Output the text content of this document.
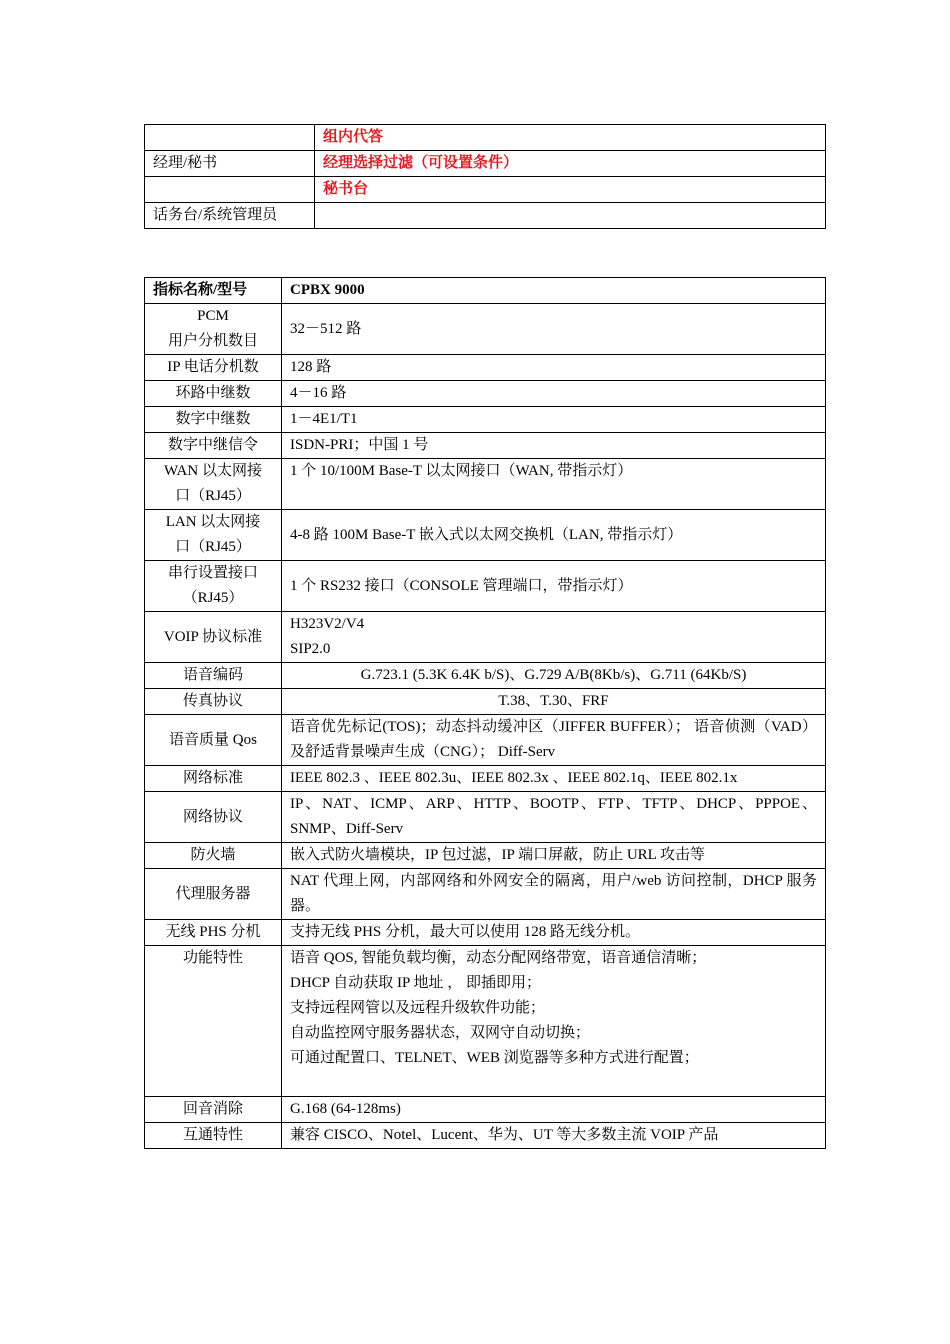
	组内代答
经理/秘书	经理选择过滤（可设置条件）
	秘书台
话务台/系统管理员	
指标名称/型号	CPBX 9000

PCM
用户分机数目	32－512 路

IP 电话分机数	128 路

环路中继数	4－16 路

数字中继数	1－4E1/T1

数字中继信令	ISDN-PRI；中国 1 号

WAN 以太网接
口（RJ45）	1 个 10/100M Base-T 以太网接口（WAN, 带指示灯）

LAN 以太网接
口（RJ45）	4-8 路 100M Base-T 嵌入式以太网交换机（LAN, 带指示灯）

串行设置接口
（RJ45）	1 个 RS232 接口（CONSOLE 管理端口，带指示灯）

VOIP 协议标准	H323V2/V4
SIP2.0

语音编码	G.723.1 (5.3K 6.4K b/S)、G.729 A/B(8Kb/s)、G.711 (64Kb/S)

传真协议	T.38、T.30、FRF

语音质量 Qos	语音优先标记(TOS)；动态抖动缓冲区（JIFFER BUFFER）； 语音侦测（VAD）及舒适背景噪声生成（CNG）； Diff-Serv

网络标准	IEEE 802.3 、IEEE 802.3u、IEEE 802.3x 、IEEE 802.1q、IEEE 802.1x

网络协议	IP、NAT、ICMP、ARP、HTTP、BOOTP、FTP、TFTP、DHCP、PPPOE、SNMP、Diff-Serv

防火墙	嵌入式防火墙模块，IP 包过滤，IP 端口屏蔽，防止 URL 攻击等

代理服务器	NAT 代理上网，内部网络和外网安全的隔离，用户/web 访问控制，DHCP 服务器。

无线 PHS 分机	支持无线 PHS 分机，最大可以使用 128 路无线分机。

功能特性	语音 QOS, 智能负载均衡，动态分配网络带宽，语音通信清晰；
DHCP 自动获取 IP 地址 ， 即插即用；
支持远程网管以及远程升级软件功能；
自动监控网守服务器状态，双网守自动切换；
可通过配置口、TELNET、WEB 浏览器等多种方式进行配置；

回音消除	G.168 (64-128ms)

互通特性	兼容 CISCO、Notel、Lucent、华为、UT 等大多数主流 VOIP 产品
